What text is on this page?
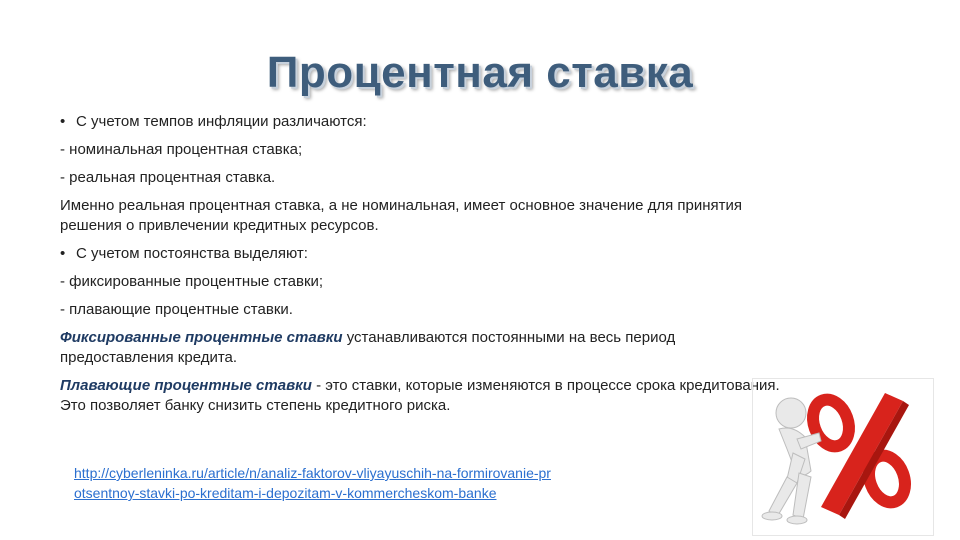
Процентная ставка
• С учетом темпов инфляции различаются:
- номинальная процентная ставка;
- реальная процентная ставка.
Именно реальная процентная ставка, а не номинальная, имеет основное значение для принятия решения о привлечении кредитных ресурсов.
• С учетом постоянства выделяют:
- фиксированные процентные ставки;
- плавающие процентные ставки.
Фиксированные процентные ставки устанавливаются постоянными на весь период предоставления кредита.
Плавающие процентные ставки - это ставки, которые изменяются в процессе срока кредитования. Это позволяет банку снизить степень кредитного риска.
http://cyberleninka.ru/article/n/analiz-faktorov-vliyayuschih-na-formirovanie-protsentnoy-stavki-po-kreditam-i-depozitam-v-kommercheskom-banke
